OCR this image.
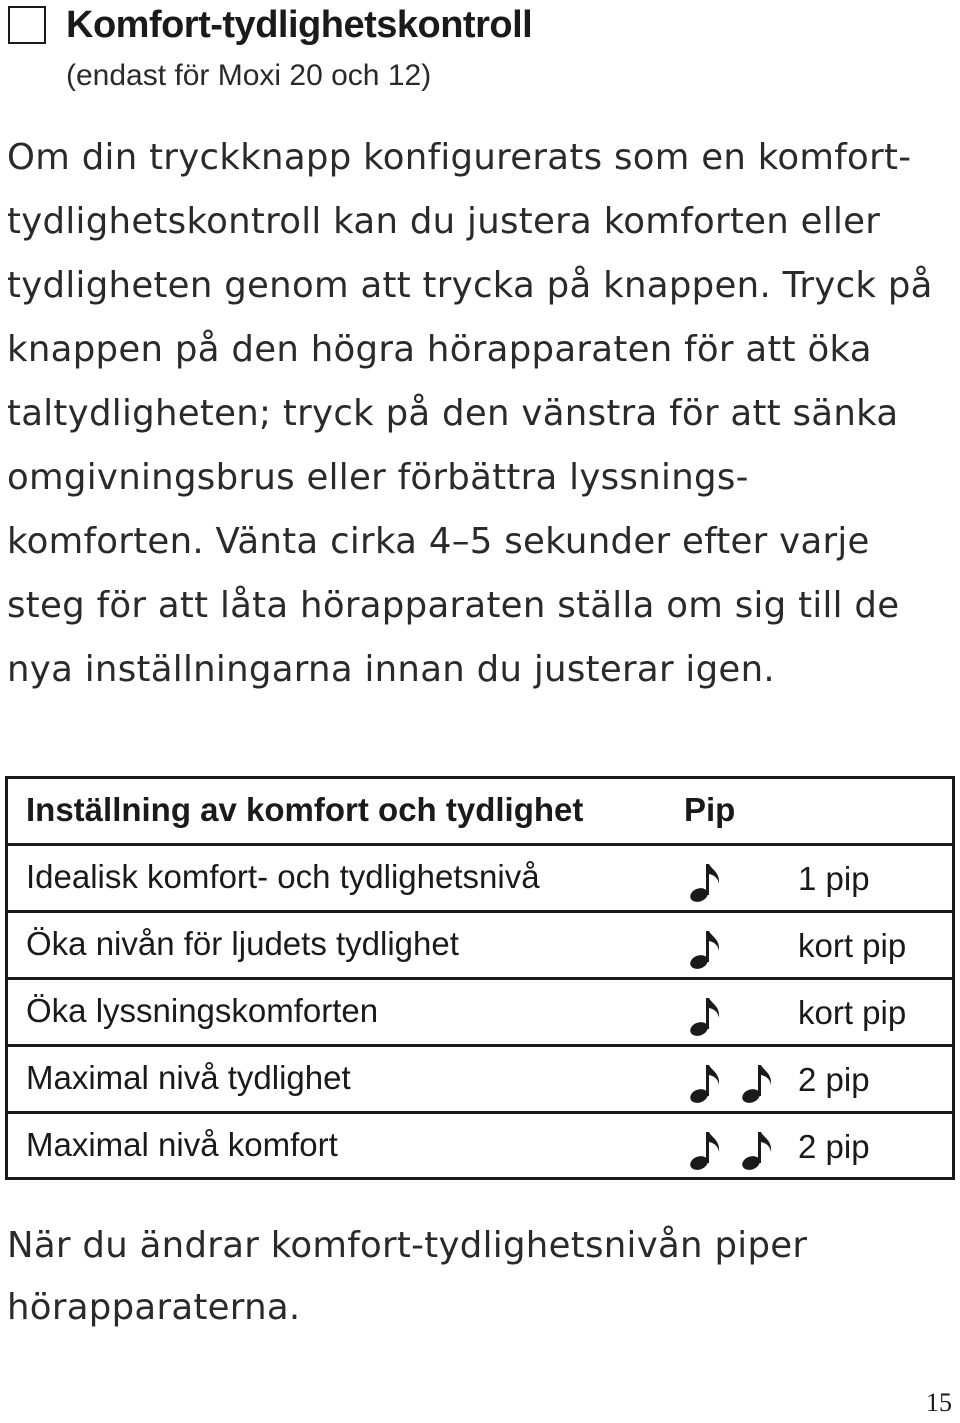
Komfort-tydlighetskontroll
(endast för Moxi 20 och 12)
Om din tryckknapp konfigurerats som en komfort-
tydlighetskontroll kan du justera komforten eller
tydligheten genom att trycka på knappen. Tryck på
knappen på den högra hörapparaten för att öka
taltydligheten; tryck på den vänstra för att sänka
omgivningsbrus eller förbättra lyssnings-
komforten. Vänta cirka 4–5 sekunder efter varje
steg för att låta hörapparaten ställa om sig till de
nya inställningarna innan du justerar igen.
Inställning av komfort och tydlighet	Pip
Idealisk komfort- och tydlighetsnivå	1 pip
Öka nivån för ljudets tydlighet	kort pip
Öka lyssningskomforten	kort pip
Maximal nivå tydlighet	2 pip
Maximal nivå komfort	2 pip
När du ändrar komfort-tydlighetsnivån piper
hörapparaterna.
15
